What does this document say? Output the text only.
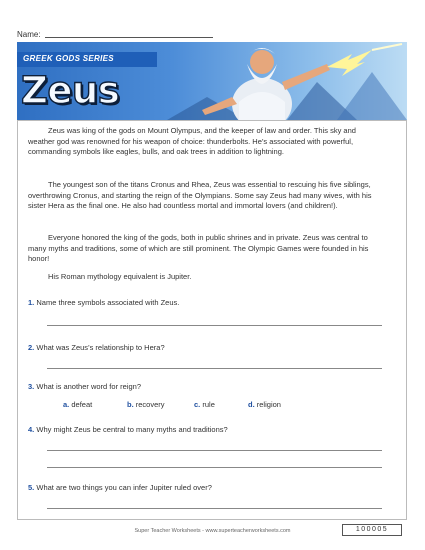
Name:
GREEK GODS SERIES
Zeus

Zeus was king of the gods on Mount Olympus, and the keeper of law and order. This sky and weather god was renowned for his weapon of choice: thunderbolts. He’s associated with powerful, commanding symbols like eagles, bulls, and oak trees in addition to lightning.

The youngest son of the titans Cronus and Rhea, Zeus was essential to rescuing his five siblings, overthrowing Cronus, and starting the reign of the Olympians. Some say Zeus had many wives, with his sister Hera as the final one. He also had countless mortal and immortal lovers (and children!).

Everyone honored the king of the gods, both in public shrines and in private. Zeus was central to many myths and traditions, some of which are still prominent. The Olympic Games were founded in his honor!

His Roman mythology equivalent is Jupiter.

1. Name three symbols associated with Zeus.
2. What was Zeus’s relationship to Hera?
3. What is another word for reign?
a. defeat	b. recovery	c. rule	d. religion
4. Why might Zeus be central to many myths and traditions?
5. What are two things you can infer Jupiter ruled over?
Super Teacher Worksheets - www.superteacherworksheets.com	100005
